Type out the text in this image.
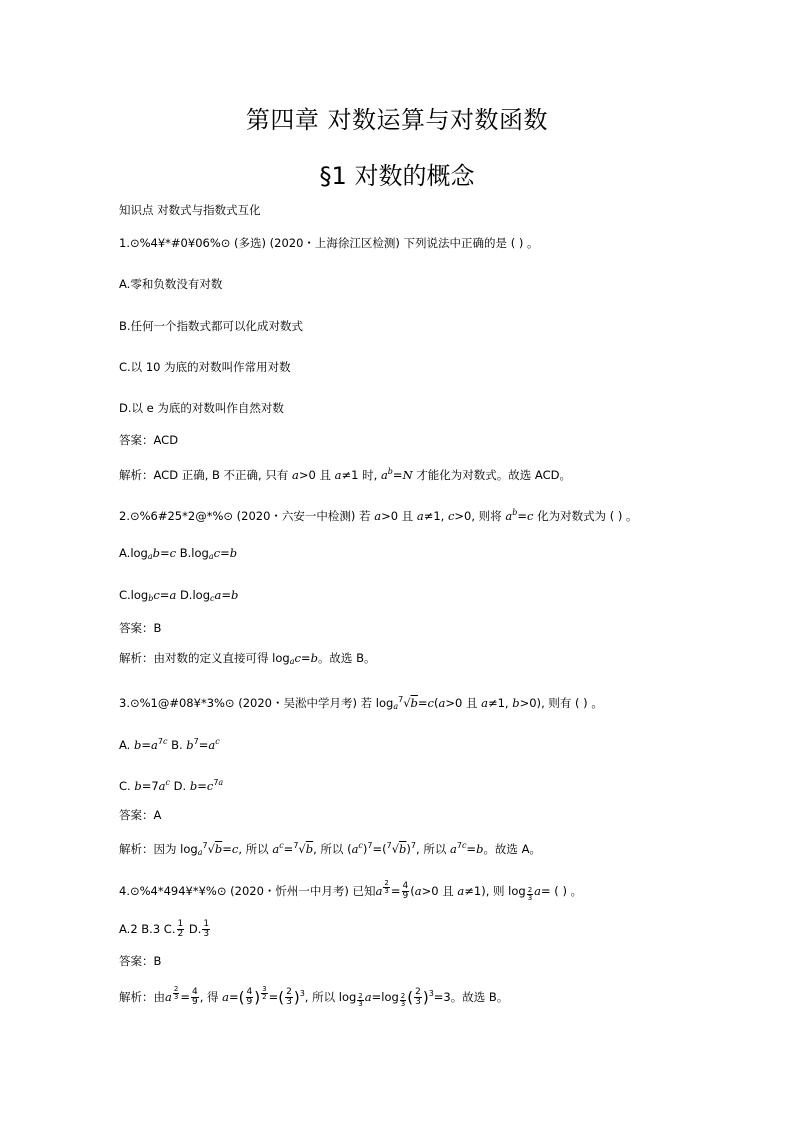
第四章 对数运算与对数函数
§1 对数的概念
知识点 对数式与指数式互化
1.⊙%4¥*#0¥06%⊙ (多选) (2020・上海徐江区检测) 下列说法中正确的是 ( ) 。
A.零和负数没有对数
B.任何一个指数式都可以化成对数式
C.以 10 为底的对数叫作常用对数
D.以 e 为底的对数叫作自然对数
答案：ACD
解析：ACD 正确, B 不正确, 只有 a>0 且 a≠1 时, $a^b=N$ 才能化为对数式。故选 ACD。
2.⊙%6#25*2@*%⊙ (2020・六安一中检测) 若 a>0 且 a≠1, c>0, 则将 $a^b=c$ 化为对数式为 ( ) 。
$A.\log_ab=c$ $B.\log_ac=b$
$C.\log_bc=a$ $D.\log_ca=b$
答案：B
解析：由对数的定义直接可得 $\log_ac=b$。故选 B。
3.⊙%1@#08¥*3%⊙ (2020・吴淞中学月考) 若 $\log_a^7√b=c(a>0$ 且 a≠1, b>0), 则有 ( ) 。
A. $b=a^{7c}$ B. $b^7=a^c$
C. $b=7a^c$ D. $b=c^{7a}$
答案：A
解析：因为 $\log_a^7√b=c$, 所以 $a^c=^7√b$, 所以 $(a^c)^7=(^7√b)^7$, 所以 $a^{7c}=b$。故选 A。
4.⊙%4*494¥*¥%⊙ (2020・忻州一中月考) 已知a $^{\frac{2}{3}} = \frac{4}{9} (a>0$ 且 a≠1), 则 log $_{\frac{2}{3}}$ a= ( ) 。
A.2 B.3 C. $\frac{1}{2} D$. $\frac{1}{3}$
答案：B
解析：由a $^{\frac{2}{3}} = \frac{4}{9}$ , 得 $a=( \frac{4}{9}$ ) $^{\frac{3}{2}}$ =( $\frac{2}{3} )^3$, 所以 log $_{\frac{2}{3}}$ a=log $_{\frac{2}{3}}$ ( $\frac{2}{3} )^3=3$。故选 B。
